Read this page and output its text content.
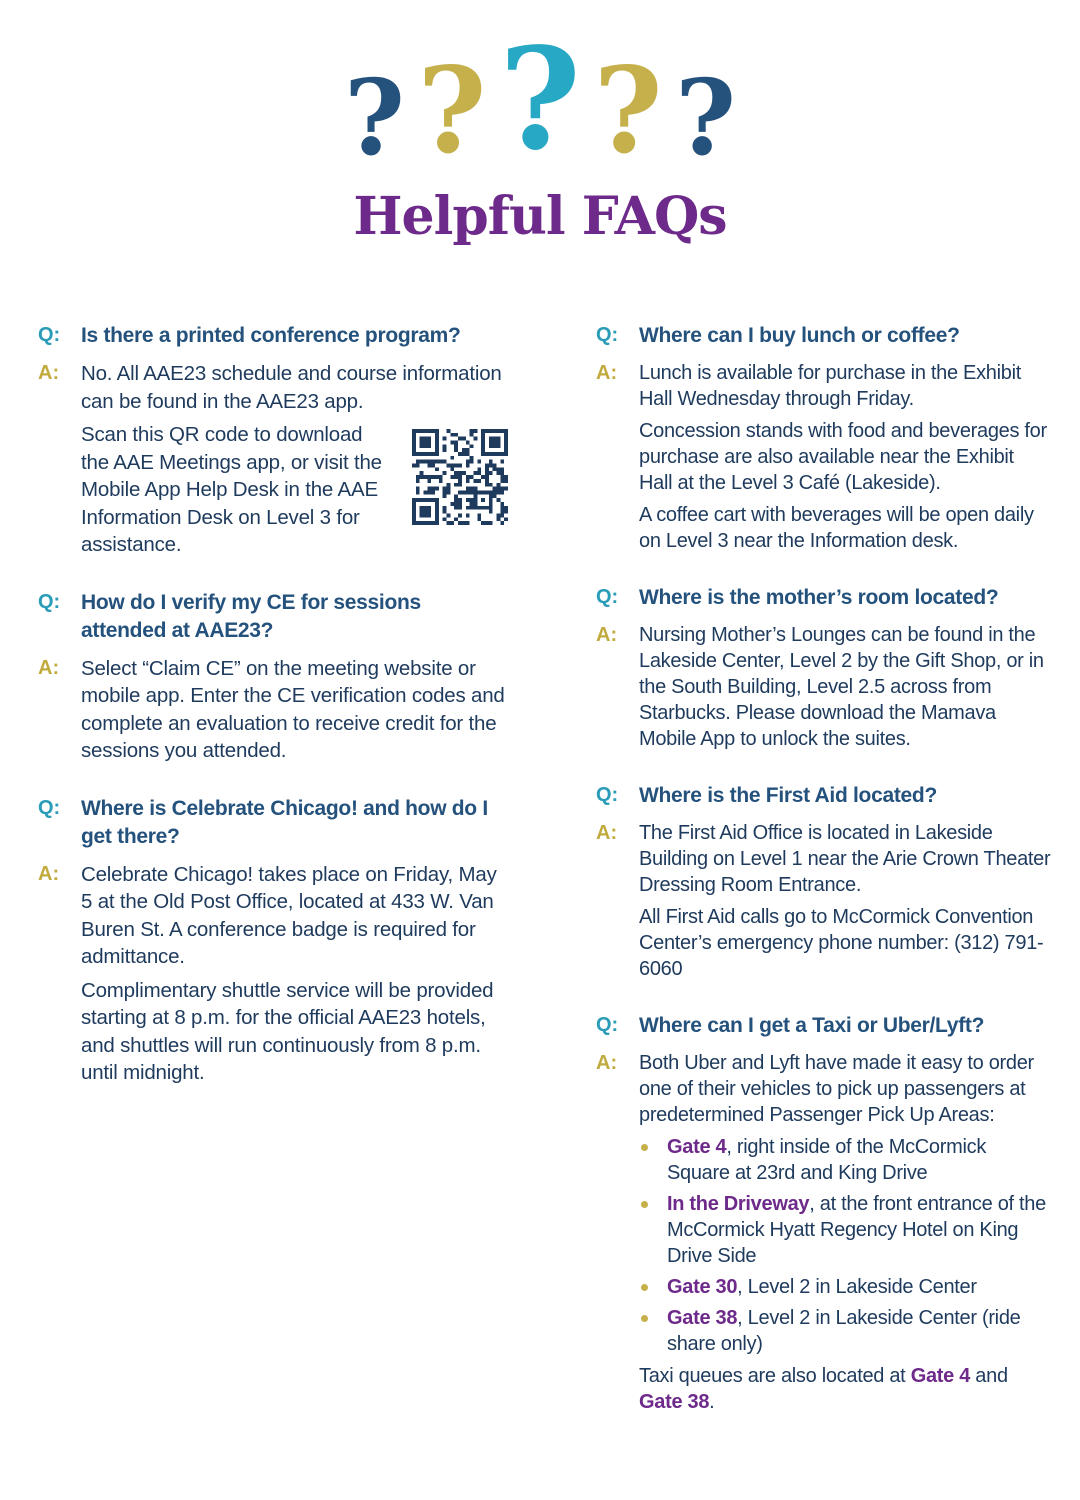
? ? ? ? ?
Helpful FAQs
Q: Is there a printed conference program?
A:	No. All AAE23 schedule and course information can be found in the AAE23 app.

Scan this QR code to download the AAE Meetings app, or visit the Mobile App Help Desk in the AAE Information Desk on Level 3 for assistance.

Q: How do I verify my CE for sessions attended at AAE23?
A:	Select “Claim CE” on the meeting website or mobile app. Enter the CE verification codes and complete an evaluation to receive credit for the sessions you attended.

Q: Where is Celebrate Chicago! and how do I get there?
A:	Celebrate Chicago! takes place on Friday, May 5 at the Old Post Office, located at 433 W. Van Buren St. A conference badge is required for admittance.

Complimentary shuttle service will be provided starting at 8 p.m. for the official AAE23 hotels, and shuttles will run continuously from 8 p.m. until midnight.

Q: Where can I buy lunch or coffee?
A:	Lunch is available for purchase in the Exhibit Hall Wednesday through Friday.

Concession stands with food and beverages for purchase are also available near the Exhibit Hall at the Level 3 Café (Lakeside).

A coffee cart with beverages will be open daily on Level 3 near the Information desk.

Q: Where is the mother’s room located?
A:	Nursing Mother’s Lounges can be found in the Lakeside Center, Level 2 by the Gift Shop, or in the South Building, Level 2.5 across from Starbucks. Please download the Mamava Mobile App to unlock the suites.

Q: Where is the First Aid located?
A:	The First Aid Office is located in Lakeside Building on Level 1 near the Arie Crown Theater Dressing Room Entrance.

All First Aid calls go to McCormick Convention Center’s emergency phone number: (312) 791-6060

Q: Where can I get a Taxi or Uber/Lyft?
A:	Both Uber and Lyft have made it easy to order one of their vehicles to pick up passengers at predetermined Passenger Pick Up Areas:

Gate 4, right inside of the McCormick Square at 23rd and King Drive
In the Driveway, at the front entrance of the McCormick Hyatt Regency Hotel on King Drive Side
Gate 30, Level 2 in Lakeside Center
Gate 38, Level 2 in Lakeside Center (ride share only)

Taxi queues are also located at Gate 4 and Gate 38.
